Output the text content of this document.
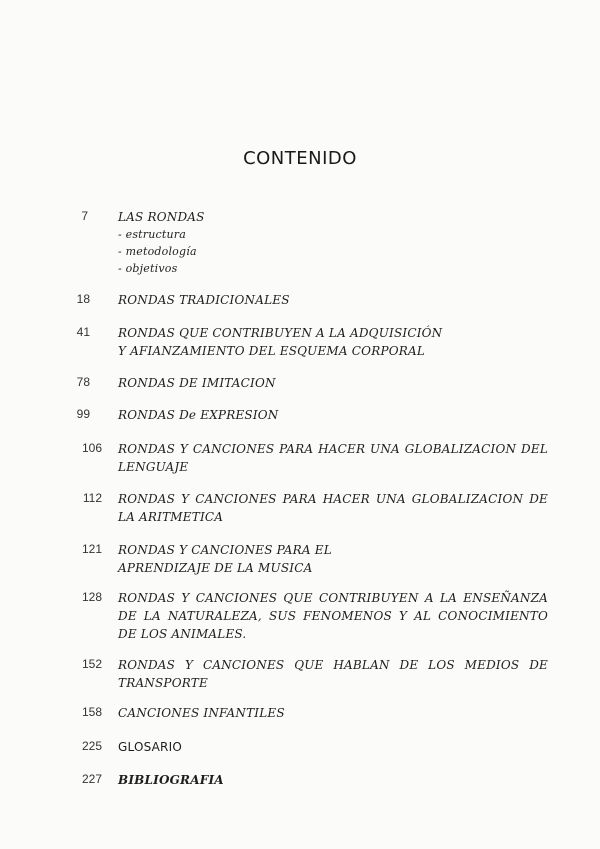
CONTENIDO
7	LAS RONDAS
- estructura
- metodología
- objetivos
18 RONDAS TRADICIONALES
41 RONDAS QUE CONTRIBUYEN A LA ADQUISICIÓN Y AFIANZAMIENTO DEL ESQUEMA CORPORAL
78 RONDAS DE IMITACION
99 RONDAS De EXPRESION
106 RONDAS Y CANCIONES PARA HACER UNA GLOBALIZACION DEL LENGUAJE
112 RONDAS Y CANCIONES PARA HACER UNA GLOBALIZACION DE LA ARITMETICA
121 RONDAS Y CANCIONES PARA EL APRENDIZAJE DE LA MUSICA
128 RONDAS Y CANCIONES QUE CONTRIBUYEN A LA ENSEÑANZA DE LA NATURALEZA, SUS FENOMENOS Y AL CONOCIMIENTO DE LOS ANIMALES.
152 RONDAS Y CANCIONES QUE HABLAN DE LOS MEDIOS DE TRANSPORTE
158 CANCIONES INFANTILES
225 GLOSARIO
227 BIBLIOGRAFIA
